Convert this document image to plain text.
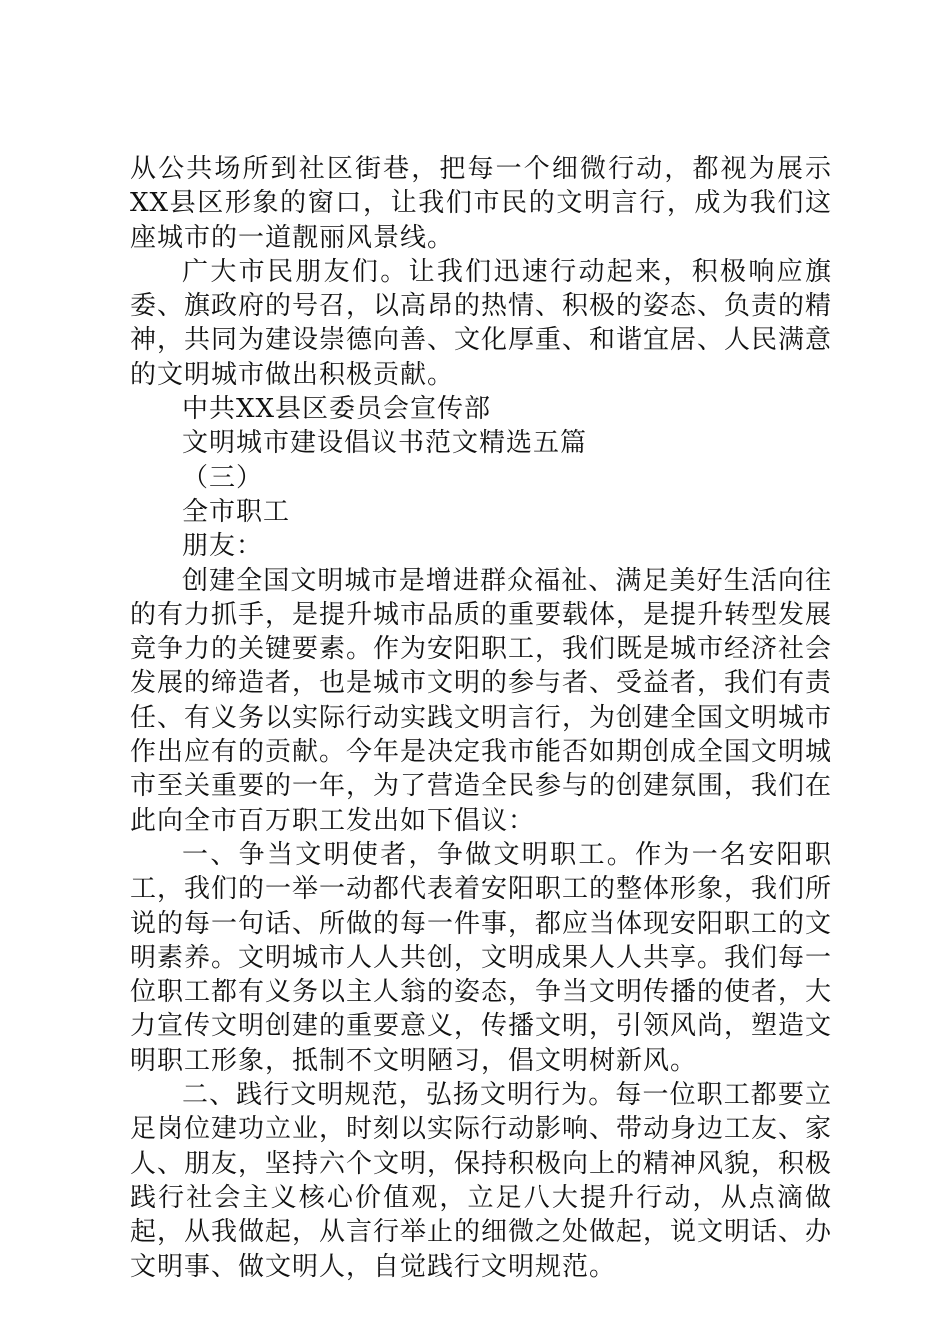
从公共场所到社区街巷，把每一个细微行动，都视为展示XX县区形象的窗口，让我们市民的文明言行，成为我们这座城市的一道靓丽风景线。

广大市民朋友们。让我们迅速行动起来，积极响应旗委、旗政府的号召，以高昂的热情、积极的姿态、负责的精神，共同为建设崇德向善、文化厚重、和谐宜居、人民满意的文明城市做出积极贡献。

中共XX县区委员会宣传部

文明城市建设倡议书范文精选五篇

（三）

全市职工

朋友：

创建全国文明城市是增进群众福祉、满足美好生活向往的有力抓手，是提升城市品质的重要载体，是提升转型发展竞争力的关键要素。作为安阳职工，我们既是城市经济社会发展的缔造者，也是城市文明的参与者、受益者，我们有责任、有义务以实际行动实践文明言行，为创建全国文明城市作出应有的贡献。今年是决定我市能否如期创成全国文明城市至关重要的一年，为了营造全民参与的创建氛围，我们在此向全市百万职工发出如下倡议：

一、争当文明使者，争做文明职工。作为一名安阳职工，我们的一举一动都代表着安阳职工的整体形象，我们所说的每一句话、所做的每一件事，都应当体现安阳职工的文明素养。文明城市人人共创，文明成果人人共享。我们每一位职工都有义务以主人翁的姿态，争当文明传播的使者，大力宣传文明创建的重要意义，传播文明，引领风尚，塑造文明职工形象，抵制不文明陋习，倡文明树新风。

二、践行文明规范，弘扬文明行为。每一位职工都要立足岗位建功立业，时刻以实际行动影响、带动身边工友、家人、朋友，坚持六个文明，保持积极向上的精神风貌，积极践行社会主义核心价值观，立足八大提升行动，从点滴做起，从我做起，从言行举止的细微之处做起，说文明话、办文明事、做文明人，自觉践行文明规范。
